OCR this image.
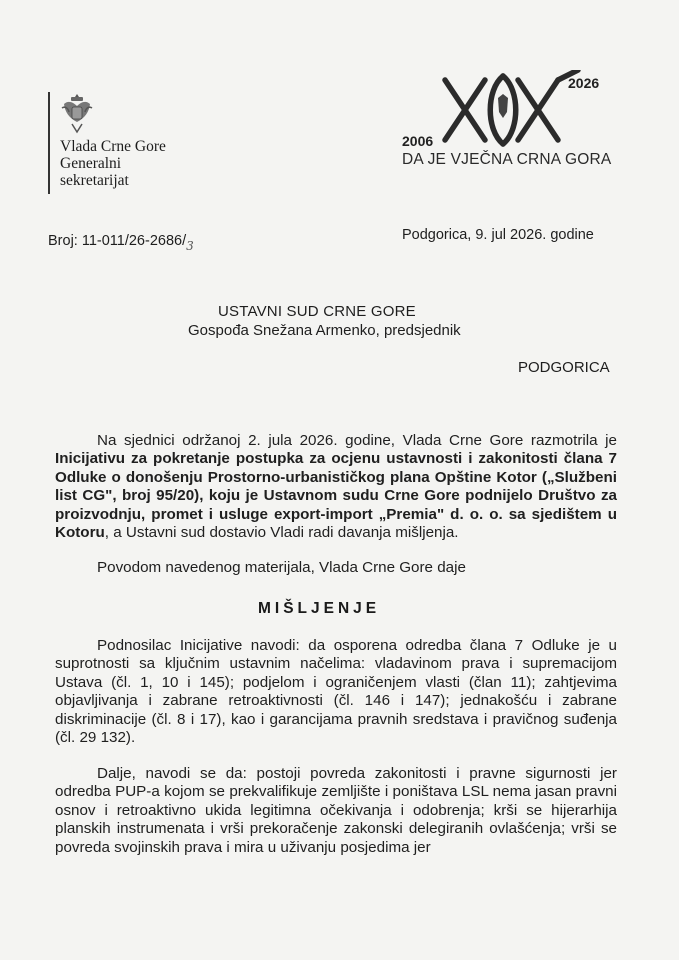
Vlada Crne Gore
Generalni
sekretarijat
2026
2006
DA JE VJEČNA CRNA GORA
Broj: $11-011/26-2686/_3$
Podgorica, 9. jul 2026. godine
USTAVNI SUD CRNE GORE
Gospođa Snežana Armenko, predsjednik
PODGORICA
Na sjednici održanoj 2. jula 2026. godine, Vlada Crne Gore razmotrila je Inicijativu za pokretanje postupka za ocjenu ustavnosti i zakonitosti člana 7 Odluke o donošenju Prostorno-urbanističkog plana Opštine Kotor („Službeni list CG", broj 95/20), koju je Ustavnom sudu Crne Gore podnijelo Društvo za proizvodnju, promet i usluge export-import „Premia" d. o. o. sa sjedištem u Kotoru, a Ustavni sud dostavio Vladi radi davanja mišljenja.
Povodom navedenog materijala, Vlada Crne Gore daje
MIŠLJENJE
Podnosilac Inicijative navodi: da osporena odredba člana 7 Odluke je u suprotnosti sa ključnim ustavnim načelima: vladavinom prava i supremacijom Ustava (čl. 1, 10 i 145); podjelom i ograničenjem vlasti (član 11); zahtjevima objavljivanja i zabrane retroaktivnosti (čl. 146 i 147); jednakošću i zabrane diskriminacije (čl. 8 i 17), kao i garancijama pravnih sredstava i pravičnog suđenja (čl. 29 132).
Dalje, navodi se da: postoji povreda zakonitosti i pravne sigurnosti jer odredba PUP-a kojom se prekvalifikuje zemljište i poništava LSL nema jasan pravni osnov i retroaktivno ukida legitimna očekivanja i odobrenja; krši se hijerarhija planskih instrumenata i vrši prekoračenje zakonski delegiranih ovlašćenja; vrši se povreda svojinskih prava i mira u uživanju posjedima jer
